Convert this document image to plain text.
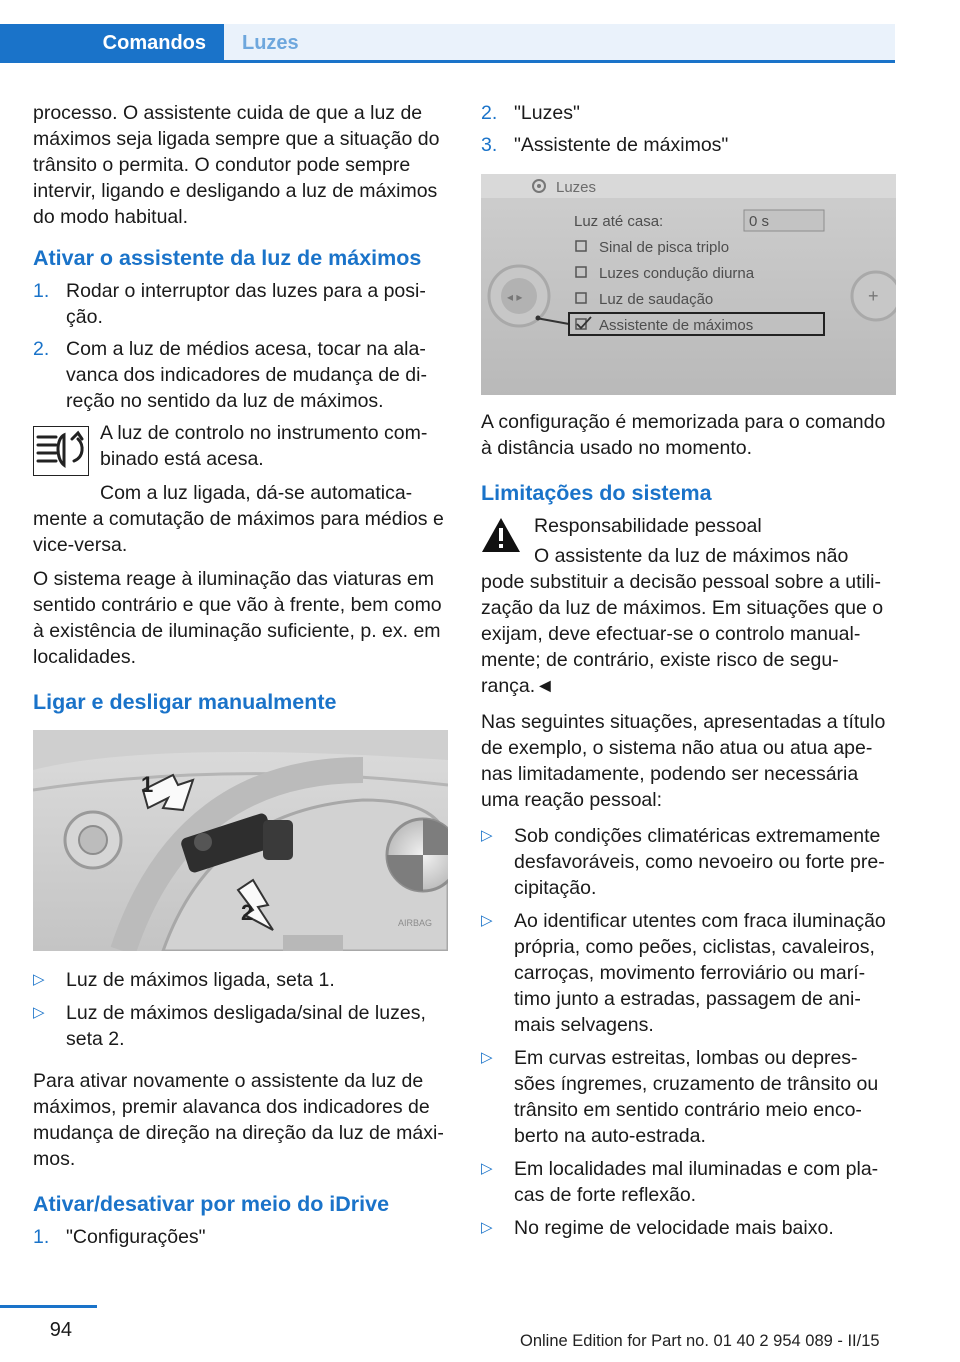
Comandos	Luzes

processo. O assistente cuida de que a luz de máximos seja ligada sempre que a situação do trânsito o permita. O condutor pode sempre intervir, ligando e desligando a luz de máximos do modo habitual.

Ativar o assistente da luz de máximos
1. Rodar o interruptor das luzes para a posi‐ção.
2. Com a luz de médios acesa, tocar na ala‐vanca dos indicadores de mudança de di‐reção no sentido da luz de máximos.

A luz de controlo no instrumento com‐binado está acesa.

Com a luz ligada, dá-se automatica‐mente a comutação de máximos para médios e vice-versa.

O sistema reage à iluminação das viaturas em sentido contrário e que vão à frente, bem como à existência de iluminação suficiente, p. ex. em localidades.

Ligar e desligar manualmente
1
2	AIRBAG
▷ Luz de máximos ligada, seta 1.
▷ Luz de máximos desligada/sinal de luzes, seta 2.

Para ativar novamente o assistente da luz de máximos, premir alavanca dos indicadores de mudança de direção na direção da luz de máxi‐mos.

Ativar/desativar por meio do iDrive
1. "Configurações"
2. "Luzes"
3. "Assistente de máximos"
Luzes
◂ ▸	+
Luz até casa:	0 s
Sinal de pisca triplo
Luzes condução diurna
Luz de saudação
Assistente de máximos

A configuração é memorizada para o comando à distância usado no momento.

Limitações do sistema

Responsabilidade pessoal

O assistente da luz de máximos não pode substituir a decisão pessoal sobre a utili‐zação da luz de máximos. Em situações que o exijam, deve efectuar-se o controlo manual‐mente; de contrário, existe risco de segu‐rança.◄

Nas seguintes situações, apresentadas a título de exemplo, o sistema não atua ou atua ape‐nas limitadamente, podendo ser necessária uma reação pessoal:

▷ Sob condições climatéricas extremamente desfavoráveis, como nevoeiro ou forte pre‐cipitação.
▷ Ao identificar utentes com fraca iluminação própria, como peões, ciclistas, cavaleiros, carroças, movimento ferroviário ou marí‐timo junto a estradas, passagem de ani‐mais selvagens.
▷ Em curvas estreitas, lombas ou depres‐sões íngremes, cruzamento de trânsito ou trânsito em sentido contrário meio enco‐berto na auto-estrada.
▷ Em localidades mal iluminadas e com pla‐cas de forte reflexão.
▷ No regime de velocidade mais baixo.
94	Online Edition for Part no. 01 40 2 954 089 - II/15
